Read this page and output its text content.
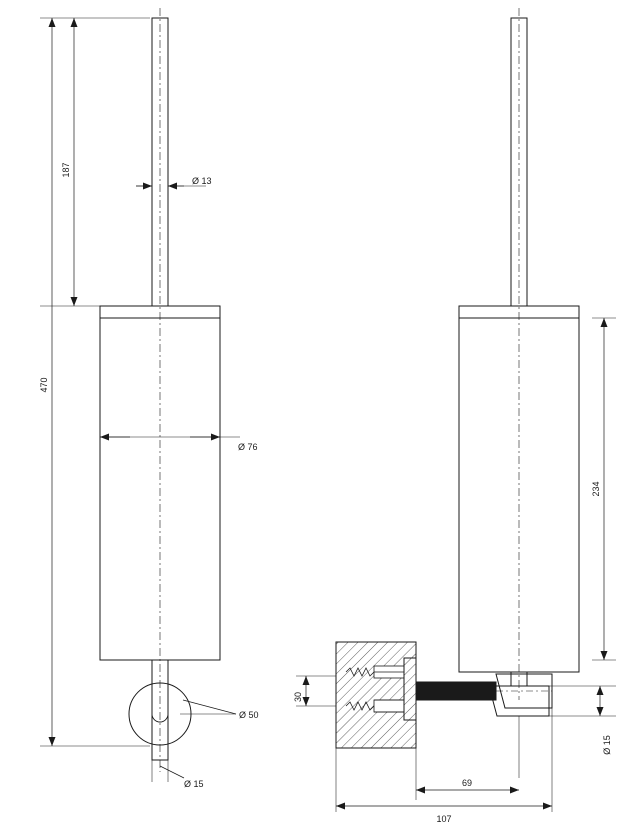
187
470
Ø 13
Ø 76
Ø 50
Ø 15
234
Ø 15
30
69
107
